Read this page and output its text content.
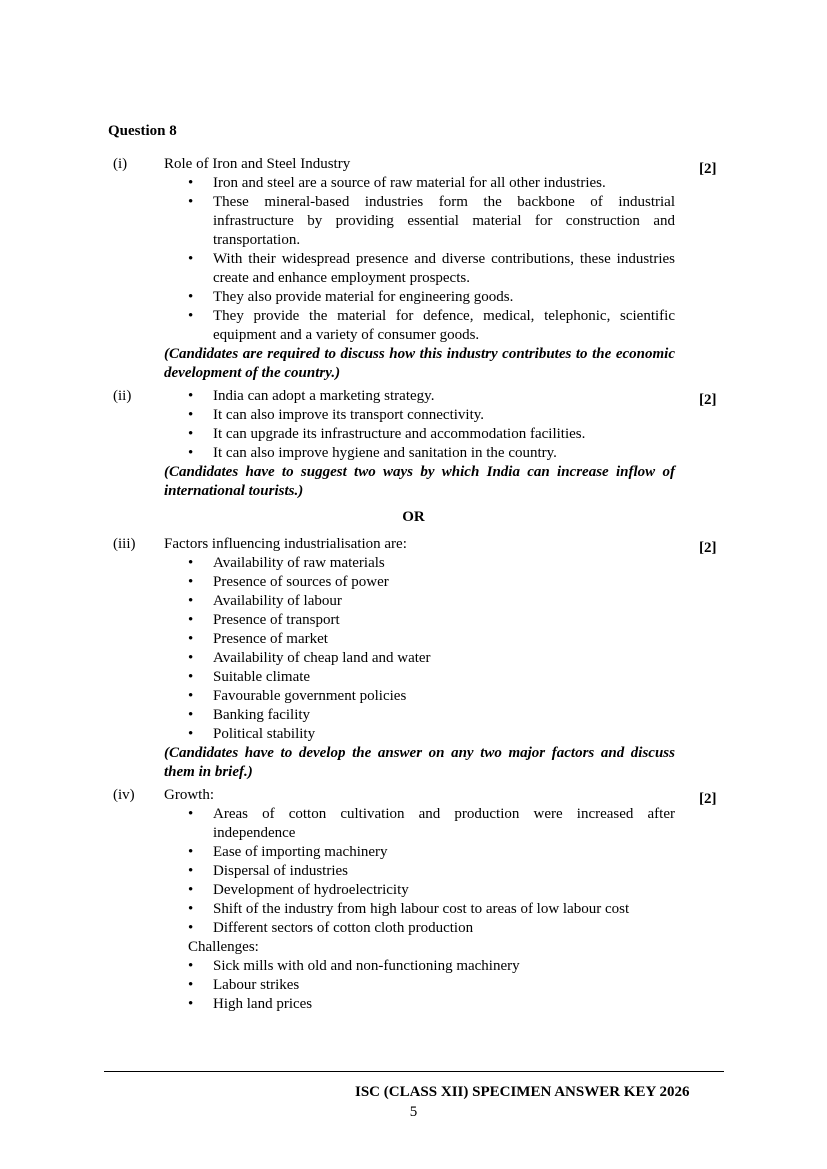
Question 8
(i)	[2]

Role of Iron and Steel Industry

• Iron and steel are a source of raw material for all other industries.
• These mineral-based industries form the backbone of industrial infrastructure by providing essential material for construction and transportation.
• With their widespread presence and diverse contributions, these industries create and enhance employment prospects.
• They also provide material for engineering goods.
• They provide the material for defence, medical, telephonic, scientific equipment and a variety of consumer goods.

(Candidates are required to discuss how this industry contributes to the economic development of the country.)

(ii)	[2]
• India can adopt a marketing strategy.
• It can also improve its transport connectivity.
• It can upgrade its infrastructure and accommodation facilities.
• It can also improve hygiene and sanitation in the country.

(Candidates have to suggest two ways by which India can increase inflow of international tourists.)

OR
(iii)	[2]

Factors influencing industrialisation are:

• Availability of raw materials
• Presence of sources of power
• Availability of labour
• Presence of transport
• Presence of market
• Availability of cheap land and water
• Suitable climate
• Favourable government policies
• Banking facility
• Political stability

(Candidates have to develop the answer on any two major factors and discuss them in brief.)

(iv)	[2]

Growth:

• Areas of cotton cultivation and production were increased after independence
• Ease of importing machinery
• Dispersal of industries
• Development of hydroelectricity
• Shift of the industry from high labour cost to areas of low labour cost
• Different sectors of cotton cloth production

Challenges:

• Sick mills with old and non-functioning machinery
• Labour strikes
• High land prices
ISC (CLASS XII) SPECIMEN ANSWER KEY 2026
5
